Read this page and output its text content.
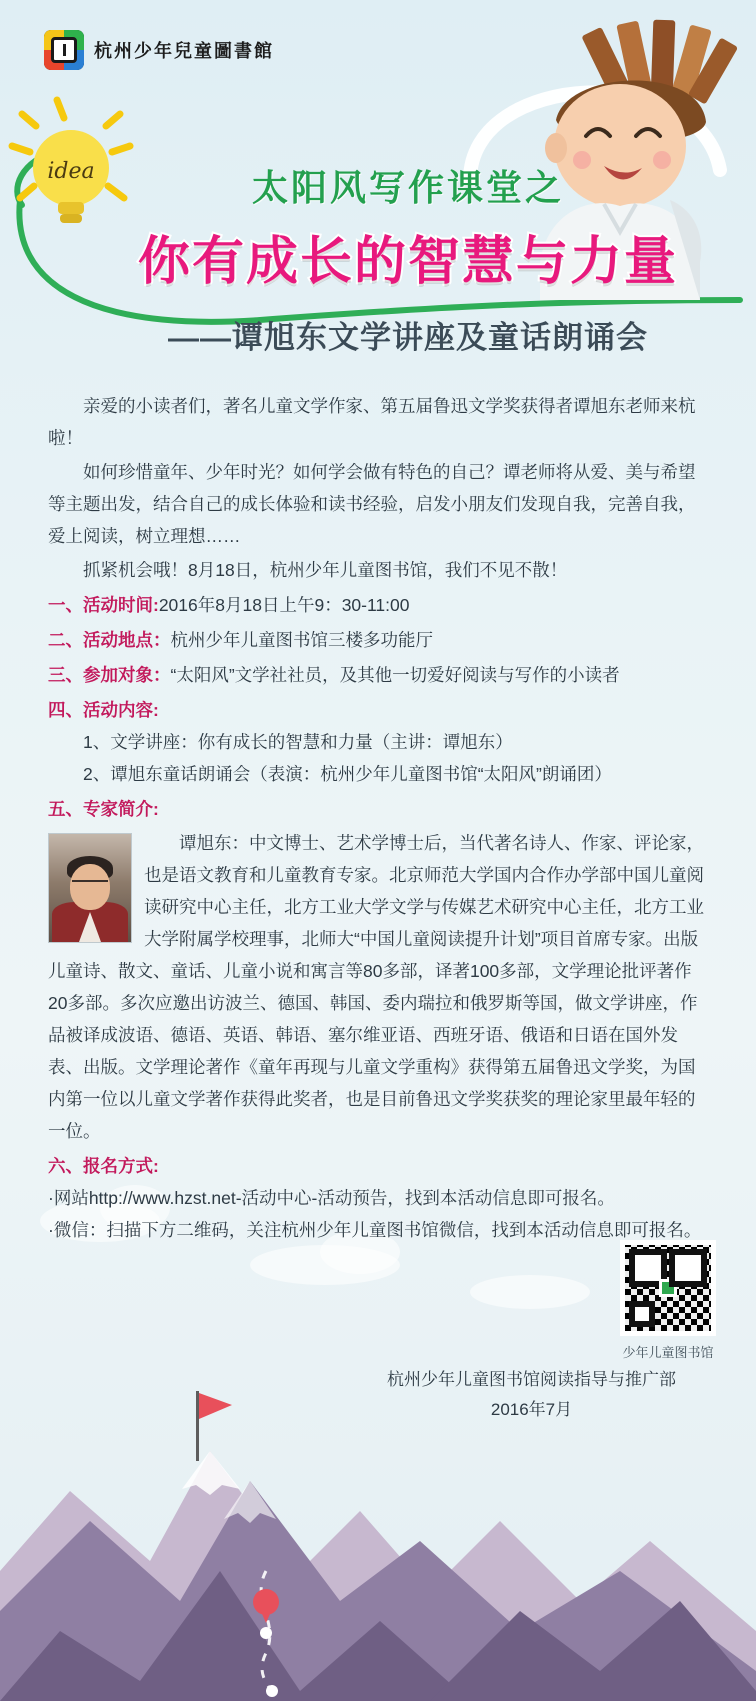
idea
杭州少年兒童圖書館
太阳风写作课堂之
你有成长的智慧与力量
——谭旭东文学讲座及童话朗诵会
亲爱的小读者们，著名儿童文学作家、第五届鲁迅文学奖获得者谭旭东老师来杭啦！
如何珍惜童年、少年时光？如何学会做有特色的自己？谭老师将从爱、美与希望等主题出发，结合自己的成长体验和读书经验，启发小朋友们发现自我，完善自我，爱上阅读，树立理想……
抓紧机会哦！8月18日，杭州少年儿童图书馆，我们不见不散！
一、活动时间:2016年8月18日上午9：30-11:00
二、活动地点：杭州少年儿童图书馆三楼多功能厅
三、参加对象：“太阳风”文学社社员，及其他一切爱好阅读与写作的小读者
四、活动内容:
1、文学讲座：你有成长的智慧和力量（主讲：谭旭东）
2、谭旭东童话朗诵会（表演：杭州少年儿童图书馆“太阳风”朗诵团）
五、专家简介:
谭旭东：中文博士、艺术学博士后，当代著名诗人、作家、评论家，也是语文教育和儿童教育专家。北京师范大学国内合作办学部中国儿童阅读研究中心主任，北方工业大学文学与传媒艺术研究中心主任，北方工业大学附属学校理事，北师大“中国儿童阅读提升计划”项目首席专家。出版儿童诗、散文、童话、儿童小说和寓言等80多部，译著100多部，文学理论批评著作20多部。多次应邀出访波兰、德国、韩国、委内瑞拉和俄罗斯等国，做文学讲座，作品被译成波语、德语、英语、韩语、塞尔维亚语、西班牙语、俄语和日语在国外发表、出版。文学理论著作《童年再现与儿童文学重构》获得第五届鲁迅文学奖，为国内第一位以儿童文学著作获得此奖者，也是目前鲁迅文学奖获奖的理论家里最年轻的一位。
六、报名方式:
·网站http://www.hzst.net-活动中心-活动预告，找到本活动信息即可报名。
·微信：扫描下方二维码，关注杭州少年儿童图书馆微信，找到本活动信息即可报名。
少年儿童图书馆
杭州少年儿童图书馆阅读指导与推广部
2016年7月
